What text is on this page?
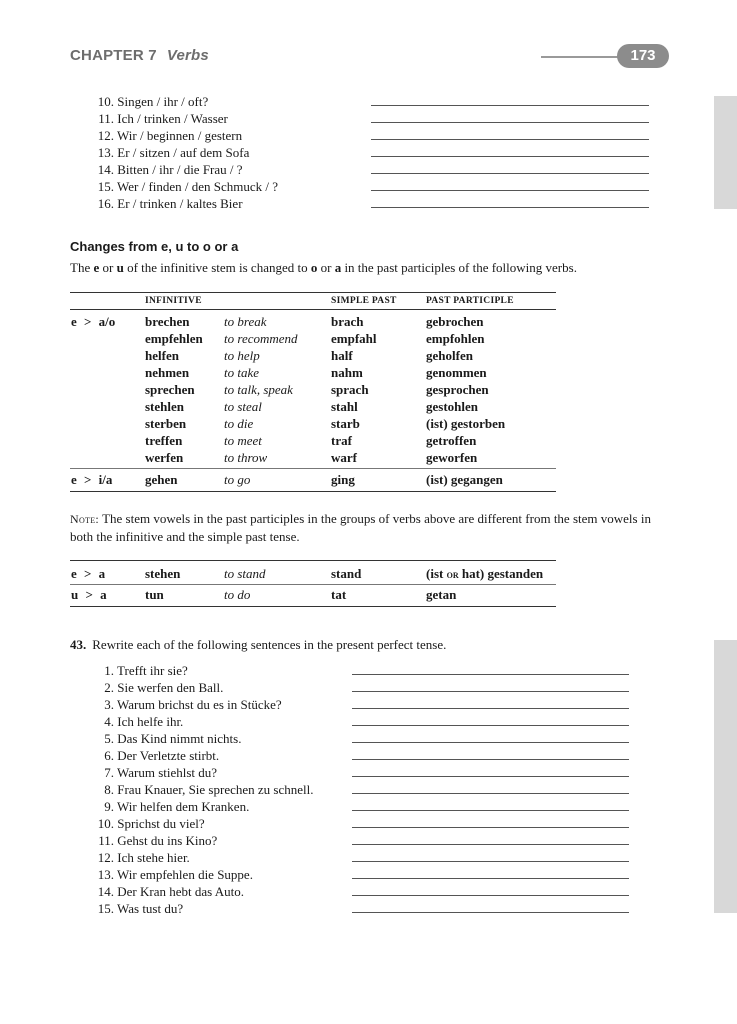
CHAPTER 7 Verbs	173
10. Singen / ihr / oft?
11. Ich / trinken / Wasser
12. Wir / beginnen / gestern
13. Er / sitzen / auf dem Sofa
14. Bitten / ihr / die Frau / ?
15. Wer / finden / den Schmuck / ?
16. Er / trinken / kaltes Bier
Changes from e, u to o or a
The e or u of the infinitive stem is changed to o or a in the past participles of the following verbs.
INFINITIVE	SIMPLE PAST	PAST PARTICIPLE
e > a/o brechen	to break	brach	gebrochen
empfehlen to recommend	empfahl	empfohlen
helfen	to help	half	geholfen
nehmen	to take	nahm	genommen
sprechen to talk, speak	sprach	gesprochen
stehlen	to steal	stahl	gestohlen
sterben	to die	starb	(ist) gestorben
treffen	to meet	traf	getroffen
werfen	to throw	warf	geworfen
e > i/a	gehen	to go	ging	(ist) gegangen
Note: The stem vowels in the past participles in the groups of verbs above are different from the stem vowels in both the infinitive and the simple past tense.
e > a	stehen	to stand	stand	(ist or hat) gestanden
u > a	tun	to do	tat	getan
43. Rewrite each of the following sentences in the present perfect tense.
1. Trefft ihr sie?
2. Sie werfen den Ball.
3. Warum brichst du es in Stücke?
4. Ich helfe ihr.
5. Das Kind nimmt nichts.
6. Der Verletzte stirbt.
7. Warum stiehlst du?
8. Frau Knauer, Sie sprechen zu schnell.
9. Wir helfen dem Kranken.
10. Sprichst du viel?
11. Gehst du ins Kino?
12. Ich stehe hier.
13. Wir empfehlen die Suppe.
14. Der Kran hebt das Auto.
15. Was tust du?
